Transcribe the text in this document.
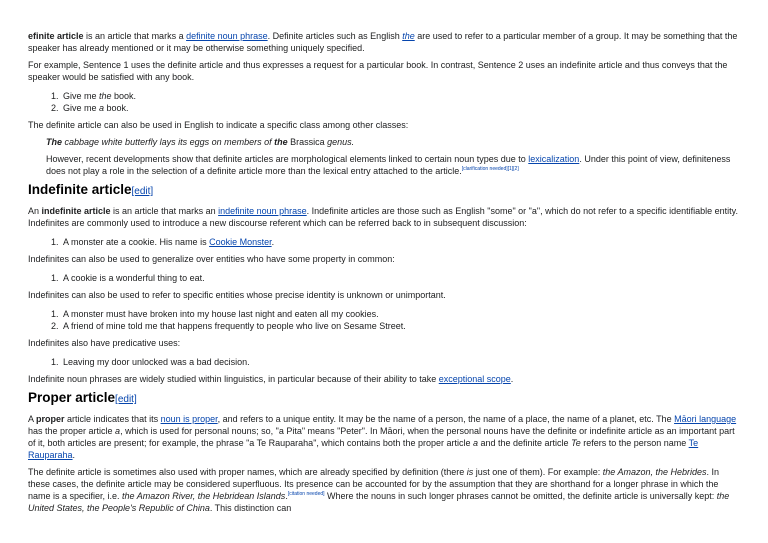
efinite article is an article that marks a definite noun phrase. Definite articles such as English the are used to refer to a particular member of a group. It may be something that the speaker has already mentioned or it may be otherwise something uniquely specified.

For example, Sentence 1 uses the definite article and thus expresses a request for a particular book. In contrast, Sentence 2 uses an indefinite article and thus conveys that the speaker would be satisfied with any book.

1. Give me the book.
2. Give me a book.

The definite article can also be used in English to indicate a specific class among other classes:

The cabbage white butterfly lays its eggs on members of the Brassica genus.

However, recent developments show that definite articles are morphological elements linked to certain noun types due to lexicalization. Under this point of view, definiteness does not play a role in the selection of a definite article more than the lexical entry attached to the article.[clarification needed][1][2]

Indefinite article[edit]

An indefinite article is an article that marks an indefinite noun phrase. Indefinite articles are those such as English "some" or "a", which do not refer to a specific identifiable entity. Indefinites are commonly used to introduce a new discourse referent which can be referred back to in subsequent discussion:

1. A monster ate a cookie. His name is Cookie Monster.

Indefinites can also be used to generalize over entities who have some property in common:

1. A cookie is a wonderful thing to eat.

Indefinites can also be used to refer to specific entities whose precise identity is unknown or unimportant.

1. A monster must have broken into my house last night and eaten all my cookies.
2. A friend of mine told me that happens frequently to people who live on Sesame Street.

Indefinites also have predicative uses:

1. Leaving my door unlocked was a bad decision.

Indefinite noun phrases are widely studied within linguistics, in particular because of their ability to take exceptional scope.

Proper article[edit]

A proper article indicates that its noun is proper, and refers to a unique entity. It may be the name of a person, the name of a place, the name of a planet, etc. The Māori language has the proper article a, which is used for personal nouns; so, "a Pita" means "Peter". In Māori, when the personal nouns have the definite or indefinite article as an important part of it, both articles are present; for example, the phrase "a Te Rauparaha", which contains both the proper article a and the definite article Te refers to the person name Te Rauparaha.

The definite article is sometimes also used with proper names, which are already specified by definition (there is just one of them). For example: the Amazon, the Hebrides. In these cases, the definite article may be considered superfluous. Its presence can be accounted for by the assumption that they are shorthand for a longer phrase in which the name is a specifier, i.e. the Amazon River, the Hebridean Islands.[citation needed] Where the nouns in such longer phrases cannot be omitted, the definite article is universally kept: the United States, the People's Republic of China. This distinction can
